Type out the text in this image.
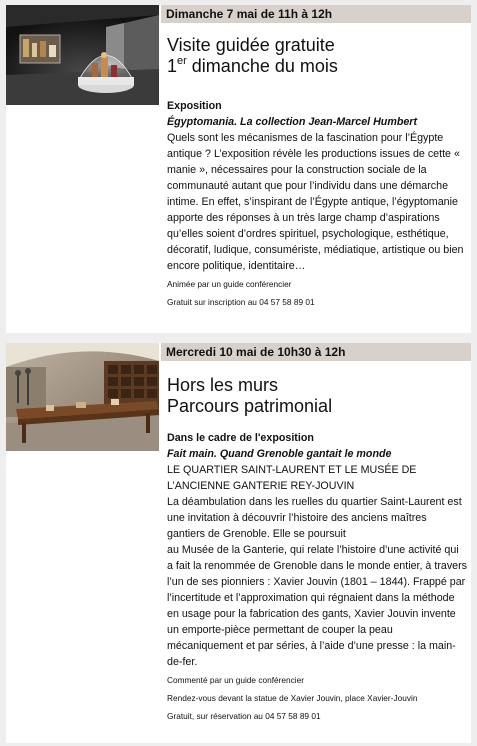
Dimanche 7 mai de 11h à 12h
Visite guidée gratuite
1er dimanche du mois

Exposition

Égyptomania. La collection Jean-Marcel Humbert

Quels sont les mécanismes de la fascination pour l’Égypte antique ? L’exposition révèle les productions issues de cette « manie », nécessaires pour la construction sociale de la communauté autant que pour l’individu dans une démarche intime. En effet, s’inspirant de l’Égypte antique, l’égyptomanie apporte des réponses à un très large champ d’aspirations qu’elles soient d’ordres spirituel, psychologique, esthétique, décoratif, ludique, consumériste, médiatique, artistique ou bien encore politique, identitaire…

Animée par un guide conférencier

Gratuit sur inscription au 04 57 58 89 01

Mercredi 10 mai de 10h30 à 12h
Hors les murs
Parcours patrimonial

Dans le cadre de l'exposition

Fait main. Quand Grenoble gantait le monde

LE QUARTIER SAINT-LAURENT ET LE MUSÉE DE L’ANCIENNE GANTERIE REY-JOUVIN

La déambulation dans les ruelles du quartier Saint-Laurent est une invitation à découvrir l’histoire des anciens maîtres gantiers de Grenoble. Elle se poursuit

au Musée de la Ganterie, qui relate l’histoire d’une activité qui a fait la renommée de Grenoble dans le monde entier, à travers l’un de ses pionniers : Xavier Jouvin (1801 – 1844). Frappé par l’incertitude et l’approximation qui régnaient dans la méthode en usage pour la fabrication des gants, Xavier Jouvin invente un emporte-pièce permettant de couper la peau mécaniquement et par séries, à l’aide d’une presse : la main-de-fer.

Commenté par un guide conférencier

Rendez-vous devant la statue de Xavier Jouvin, place Xavier-Jouvin

Gratuit, sur réservation au 04 57 58 89 01
